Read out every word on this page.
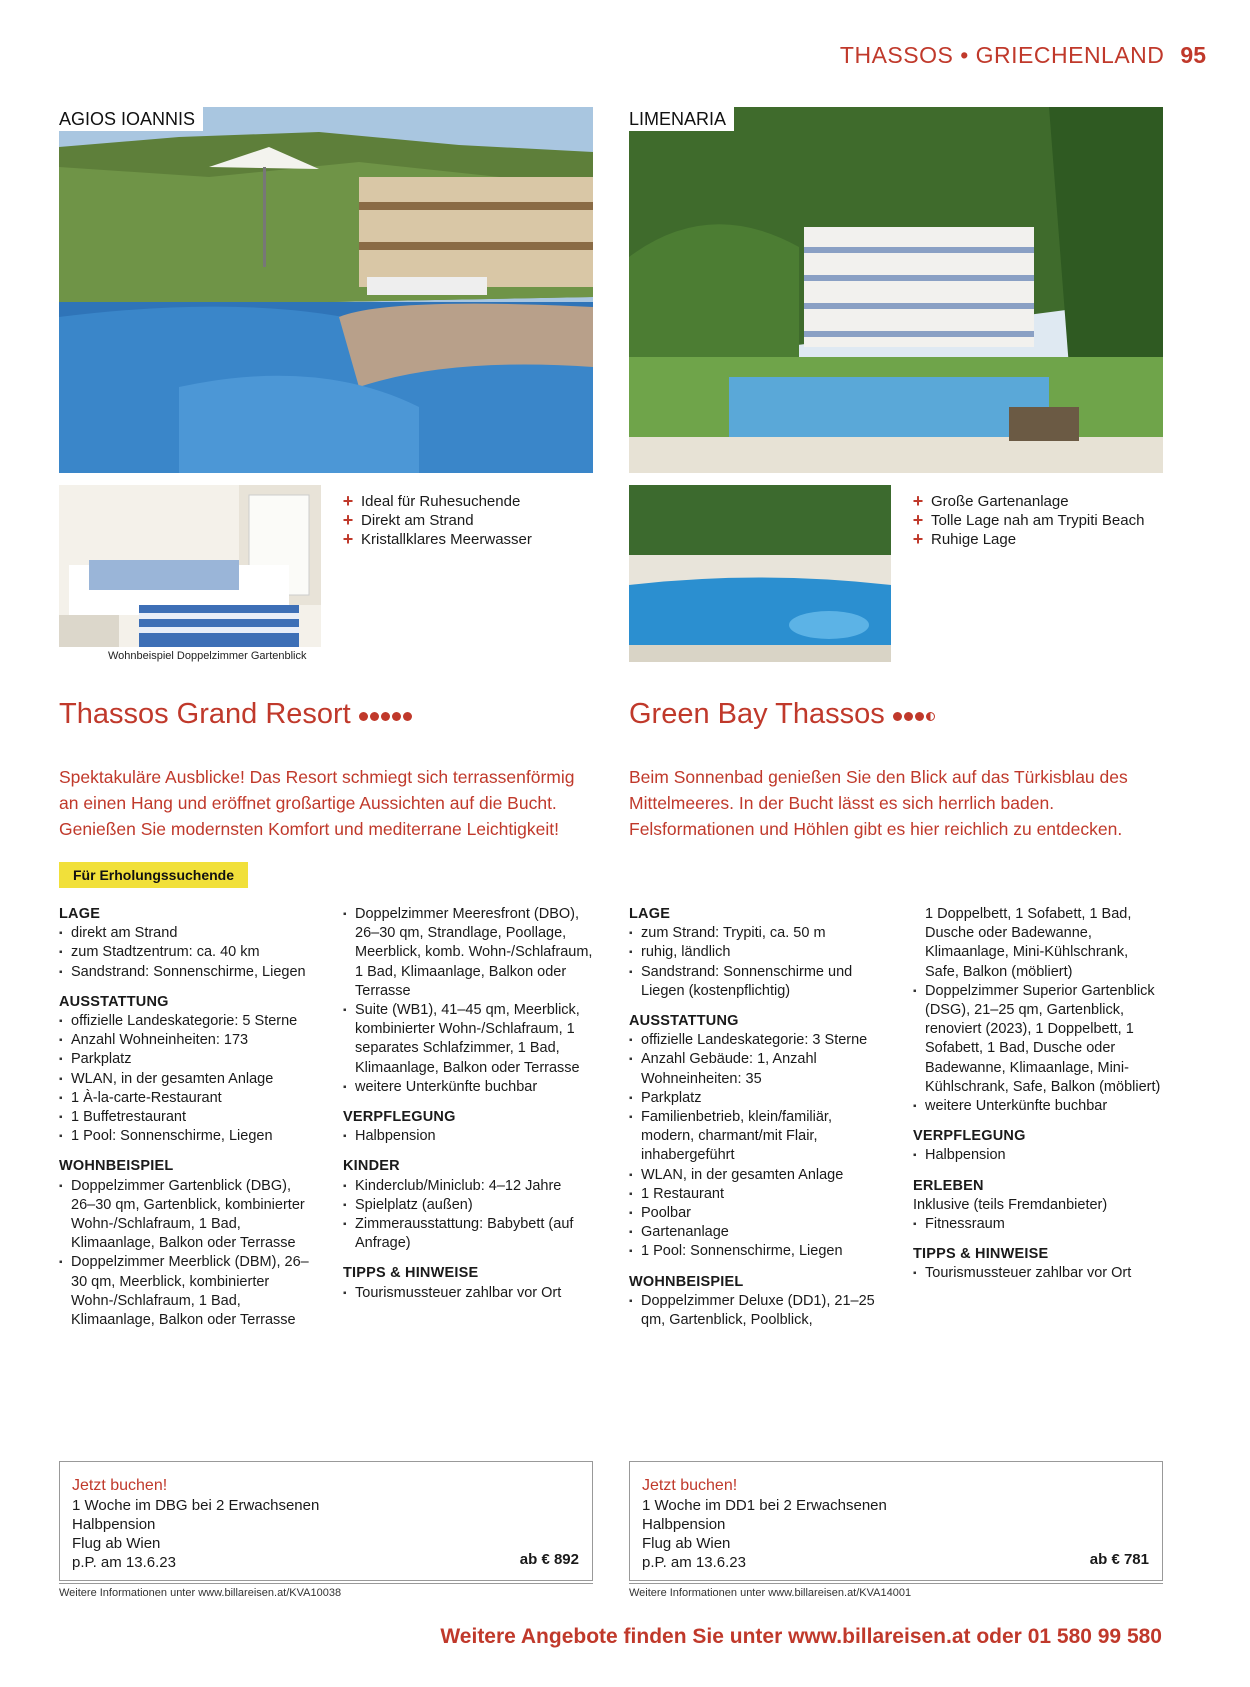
THASSOS • GRIECHENLAND 95
AGIOS IOANNIS
Wohnbeispiel Doppelzimmer Gartenblick
+ Ideal für Ruhesuchende
+ Direkt am Strand
+ Kristallklares Meerwasser
Thassos Grand Resort

Spektakuläre Ausblicke! Das Resort schmiegt sich terrassenförmig an einen Hang und eröffnet großartige Aussichten auf die Bucht. Genießen Sie modernsten Komfort und mediterrane Leichtigkeit!

Für Erholungssuchende
LAGE
▪ direkt am Strand
▪ zum Stadtzentrum: ca. 40 km
▪ Sandstrand: Sonnenschirme, Liegen
AUSSTATTUNG
▪ offizielle Landeskategorie: 5 Sterne
▪ Anzahl Wohneinheiten: 173
▪ Parkplatz
▪ WLAN, in der gesamten Anlage
▪ 1 À-la-carte-Restaurant
▪ 1 Buffetrestaurant
▪ 1 Pool: Sonnenschirme, Liegen
WOHNBEISPIEL
▪ Doppelzimmer Gartenblick (DBG), 26–30 qm, Gartenblick, kombinierter Wohn-/Schlafraum, 1 Bad, Klimaanlage, Balkon oder Terrasse
▪ Doppelzimmer Meerblick (DBM), 26–30 qm, Meerblick, kombinierter Wohn-/Schlafraum, 1 Bad, Klimaanlage, Balkon oder Terrasse
▪ Doppelzimmer Meeresfront (DBO), 26–30 qm, Strandlage, Poollage, Meerblick, komb. Wohn-/Schlafraum, 1 Bad, Klimaanlage, Balkon oder Terrasse
▪ Suite (WB1), 41–45 qm, Meerblick, kombinierter Wohn-/Schlafraum, 1 separates Schlafzimmer, 1 Bad, Klimaanlage, Balkon oder Terrasse
▪ weitere Unterkünfte buchbar
VERPFLEGUNG
▪ Halbpension
KINDER
▪ Kinderclub/Miniclub: 4–12 Jahre
▪ Spielplatz (außen)
▪ Zimmerausstattung: Babybett (auf Anfrage)
TIPPS & HINWEISE
▪ Tourismussteuer zahlbar vor Ort
Jetzt buchen!
1 Woche im DBG bei 2 Erwachsenen
Halbpension
Flug ab Wien
p.P. am 13.6.23	ab € 892
Weitere Informationen unter www.billareisen.at/KVA10038
LIMENARIA
+ Große Gartenanlage
+ Tolle Lage nah am Trypiti Beach
+ Ruhige Lage
Green Bay Thassos

Beim Sonnenbad genießen Sie den Blick auf das Türkisblau des Mittelmeeres. In der Bucht lässt es sich herrlich baden. Felsformationen und Höhlen gibt es hier reichlich zu entdecken.

LAGE
▪ zum Strand: Trypiti, ca. 50 m
▪ ruhig, ländlich
▪ Sandstrand: Sonnenschirme und Liegen (kostenpflichtig)
AUSSTATTUNG
▪ offizielle Landeskategorie: 3 Sterne
▪ Anzahl Gebäude: 1, Anzahl Wohneinheiten: 35
▪ Parkplatz
▪ Familienbetrieb, klein/familiär, modern, charmant/mit Flair, inhabergeführt
▪ WLAN, in der gesamten Anlage
▪ 1 Restaurant
▪ Poolbar
▪ Gartenanlage
▪ 1 Pool: Sonnenschirme, Liegen
WOHNBEISPIEL
▪ Doppelzimmer Deluxe (DD1), 21–25 qm, Gartenblick, Poolblick,
1 Doppelbett, 1 Sofabett, 1 Bad, Dusche oder Badewanne, Klimaanlage, Mini-Kühlschrank, Safe, Balkon (möbliert)
▪ Doppelzimmer Superior Gartenblick (DSG), 21–25 qm, Gartenblick, renoviert (2023), 1 Doppelbett, 1 Sofabett, 1 Bad, Dusche oder Badewanne, Klimaanlage, Mini-Kühlschrank, Safe, Balkon (möbliert)
▪ weitere Unterkünfte buchbar
VERPFLEGUNG
▪ Halbpension
ERLEBEN

Inklusive (teils Fremdanbieter)

▪ Fitnessraum
TIPPS & HINWEISE
▪ Tourismussteuer zahlbar vor Ort
Jetzt buchen!
1 Woche im DD1 bei 2 Erwachsenen
Halbpension
Flug ab Wien
p.P. am 13.6.23	ab € 781
Weitere Informationen unter www.billareisen.at/KVA14001
Weitere Angebote finden Sie unter www.billareisen.at oder 01 580 99 580
